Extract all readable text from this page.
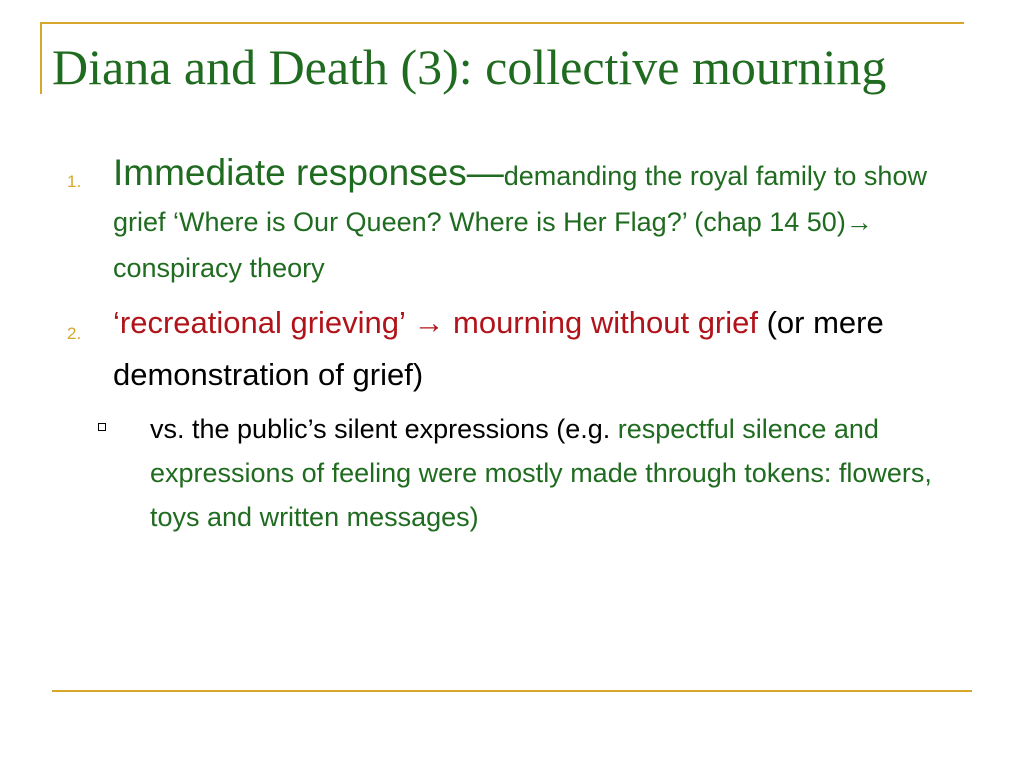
Diana and Death (3): collective mourning
1. Immediate responses—demanding the royal family to show grief ‘Where is Our Queen? Where is Her Flag?’ (chap 14 50)→ conspiracy theory
2. ‘recreational grieving’ → mourning without grief (or mere demonstration of grief)
vs. the public’s silent expressions (e.g. respectful silence and expressions of feeling were mostly made through tokens: flowers, toys and written messages)
